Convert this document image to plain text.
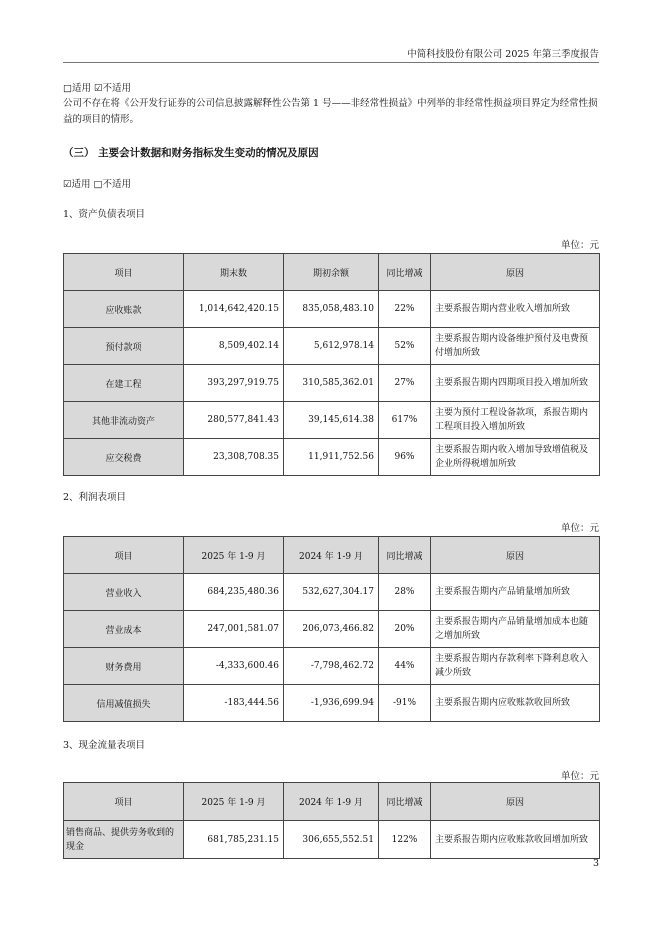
中简科技股份有限公司 2025 年第三季度报告
□适用 ☑不适用
公司不存在将《公开发行证券的公司信息披露解释性公告第 1 号——非经常性损益》中列举的非经常性损益项目界定为经常性损益的项目的情形。
（三） 主要会计数据和财务指标发生变动的情况及原因
☑适用 □不适用
1、资产负债表项目
单位：元
项目	期末数	期初余额	同比增减	原因
应收账款	1,014,642,420.15	835,058,483.10	22%	主要系报告期内营业收入增加所致
预付款项	8,509,402.14	5,612,978.14	52%	主要系报告期内设备维护预付及电费预付增加所致
在建工程	393,297,919.75	310,585,362.01	27%	主要系报告期内四期项目投入增加所致
其他非流动资产	280,577,841.43	39,145,614.38	617%	主要为预付工程设备款项，系报告期内工程项目投入增加所致
应交税费	23,308,708.35	11,911,752.56	96%	主要系报告期内收入增加导致增值税及企业所得税增加所致
2、利润表项目
单位：元
项目	2025 年 1-9 月	2024 年 1-9 月	同比增减	原因
营业收入	684,235,480.36	532,627,304.17	28%	主要系报告期内产品销量增加所致
营业成本	247,001,581.07	206,073,466.82	20%	主要系报告期内产品销量增加成本也随之增加所致
财务费用	-4,333,600.46	-7,798,462.72	44%	主要系报告期内存款利率下降利息收入减少所致
信用减值损失	-183,444.56	-1,936,699.94	-91%	主要系报告期内应收账款收回所致
3、现金流量表项目
单位：元
项目	2025 年 1-9 月	2024 年 1-9 月	同比增减	原因
销售商品、提供劳务收到的现金	681,785,231.15	306,655,552.51	122%	主要系报告期内应收账款收回增加所致
3
